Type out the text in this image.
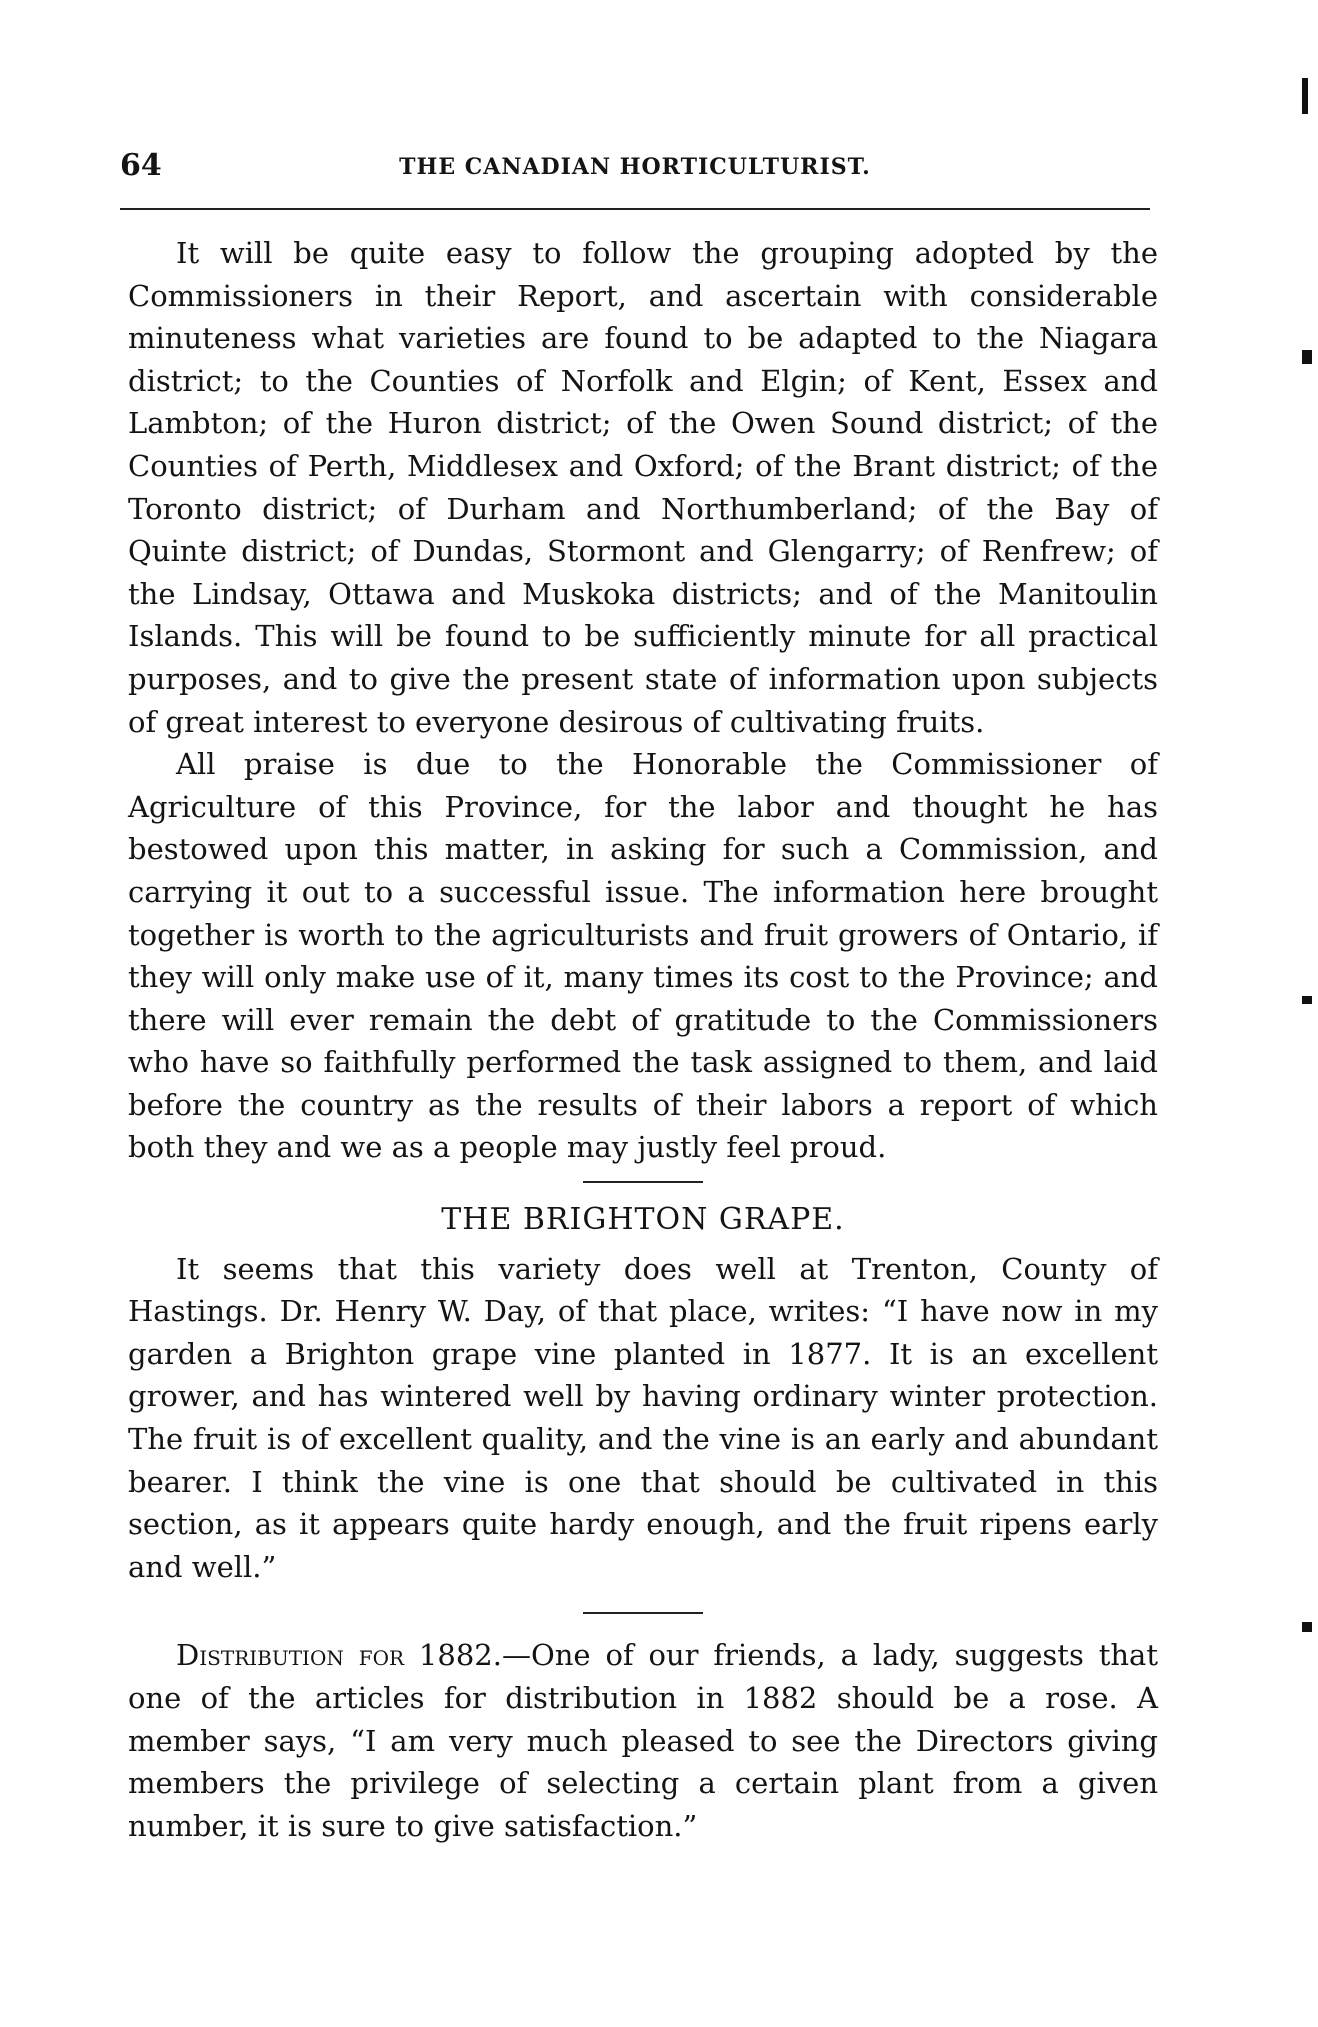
64	THE CANADIAN HORTICULTURIST.

It will be quite easy to follow the grouping adopted by the Commissioners in their Report, and ascertain with considerable minuteness what varieties are found to be adapted to the Niagara district; to the Counties of Norfolk and Elgin; of Kent, Essex and Lambton; of the Huron district; of the Owen Sound district; of the Counties of Perth, Middlesex and Oxford; of the Brant district; of the Toronto district; of Durham and Northumberland; of the Bay of Quinte district; of Dundas, Stormont and Glengarry; of Renfrew; of the Lindsay, Ottawa and Muskoka districts; and of the Manitoulin Islands. This will be found to be sufficiently minute for all practical purposes, and to give the present state of information upon subjects of great interest to everyone desirous of cultivating fruits.

All praise is due to the Honorable the Commissioner of Agriculture of this Province, for the labor and thought he has bestowed upon this matter, in asking for such a Commission, and carrying it out to a successful issue. The information here brought together is worth to the agriculturists and fruit growers of Ontario, if they will only make use of it, many times its cost to the Province; and there will ever remain the debt of gratitude to the Commissioners who have so faithfully performed the task assigned to them, and laid before the country as the results of their labors a report of which both they and we as a people may justly feel proud.

THE BRIGHTON GRAPE.

It seems that this variety does well at Trenton, County of Hastings. Dr. Henry W. Day, of that place, writes: “I have now in my garden a Brighton grape vine planted in 1877. It is an excellent grower, and has wintered well by having ordinary winter protection. The fruit is of excellent quality, and the vine is an early and abundant bearer. I think the vine is one that should be cultivated in this section, as it appears quite hardy enough, and the fruit ripens early and well.”

Distribution for 1882.—One of our friends, a lady, suggests that one of the articles for distribution in 1882 should be a rose. A member says, “I am very much pleased to see the Directors giving members the privilege of selecting a certain plant from a given number, it is sure to give satisfaction.”
